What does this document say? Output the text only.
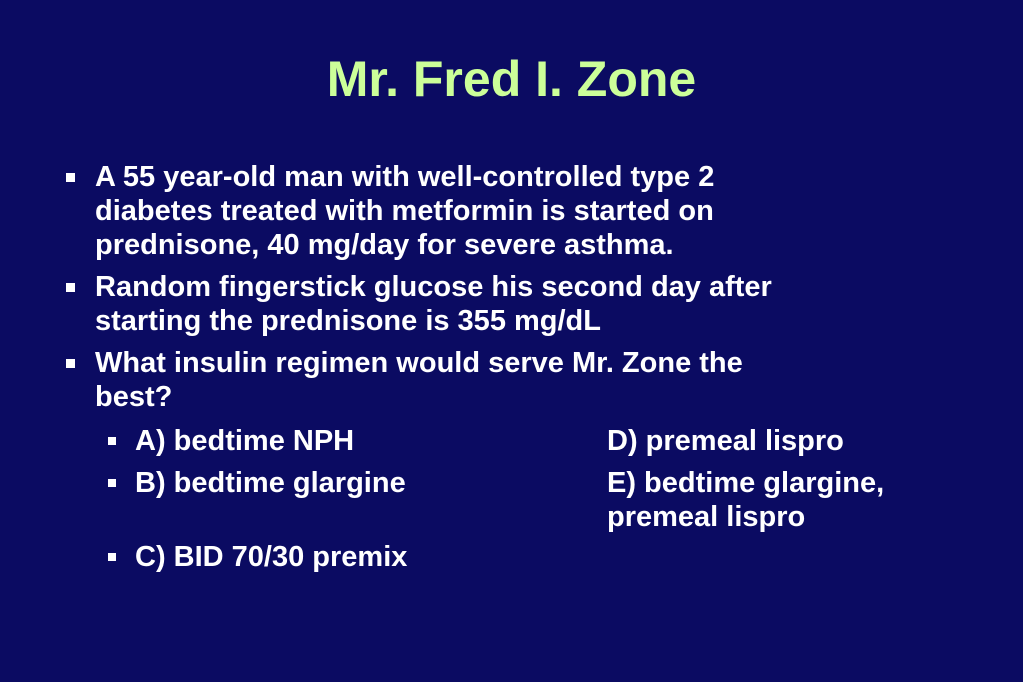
Mr. Fred I. Zone
A 55 year-old man with well-controlled type 2
diabetes treated with metformin is started on
prednisone, 40 mg/day for severe asthma.
Random fingerstick glucose his second day after
starting the prednisone is 355 mg/dL
What insulin regimen would serve Mr. Zone the
best?
A) bedtime NPH	D) premeal lispro
B) bedtime glargine	E) bedtime glargine,
premeal lispro
C) BID 70/30 premix
